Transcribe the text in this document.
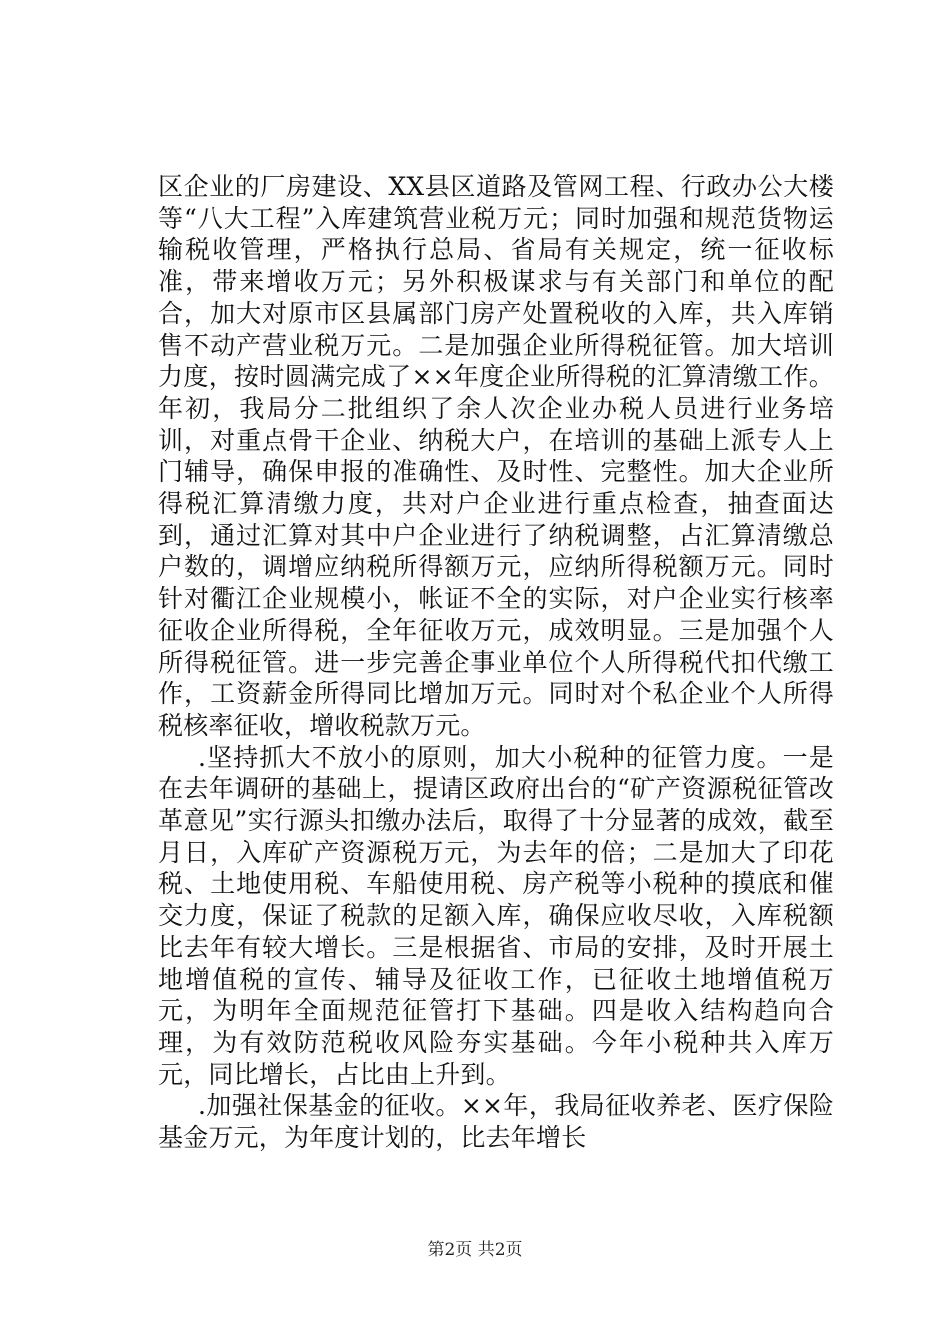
区企业的厂房建设、XX县区道路及管网工程、行政办公大楼等“八大工程”入库建筑营业税万元；同时加强和规范货物运输税收管理，严格执行总局、省局有关规定，统一征收标准，带来增收万元；另外积极谋求与有关部门和单位的配合，加大对原市区县属部门房产处置税收的入库，共入库销售不动产营业税万元。二是加强企业所得税征管。加大培训力度，按时圆满完成了××年度企业所得税的汇算清缴工作。年初，我局分二批组织了余人次企业办税人员进行业务培训，对重点骨干企业、纳税大户，在培训的基础上派专人上门辅导，确保申报的准确性、及时性、完整性。加大企业所得税汇算清缴力度，共对户企业进行重点检查，抽查面达到，通过汇算对其中户企业进行了纳税调整，占汇算清缴总户数的，调增应纳税所得额万元，应纳所得税额万元。同时针对衢江企业规模小，帐证不全的实际，对户企业实行核率征收企业所得税，全年征收万元，成效明显。三是加强个人所得税征管。进一步完善企事业单位个人所得税代扣代缴工作，工资薪金所得同比增加万元。同时对个私企业个人所得税核率征收，增收税款万元。

.坚持抓大不放小的原则，加大小税种的征管力度。一是在去年调研的基础上，提请区政府出台的“矿产资源税征管改革意见”实行源头扣缴办法后，取得了十分显著的成效，截至月日，入库矿产资源税万元，为去年的倍；二是加大了印花税、土地使用税、车船使用税、房产税等小税种的摸底和催交力度，保证了税款的足额入库，确保应收尽收，入库税额比去年有较大增长。三是根据省、市局的安排，及时开展土地增值税的宣传、辅导及征收工作，已征收土地增值税万元，为明年全面规范征管打下基础。四是收入结构趋向合理，为有效防范税收风险夯实基础。今年小税种共入库万元，同比增长，占比由上升到。

.加强社保基金的征收。××年，我局征收养老、医疗保险基金万元，为年度计划的，比去年增长

第2页 共2页
